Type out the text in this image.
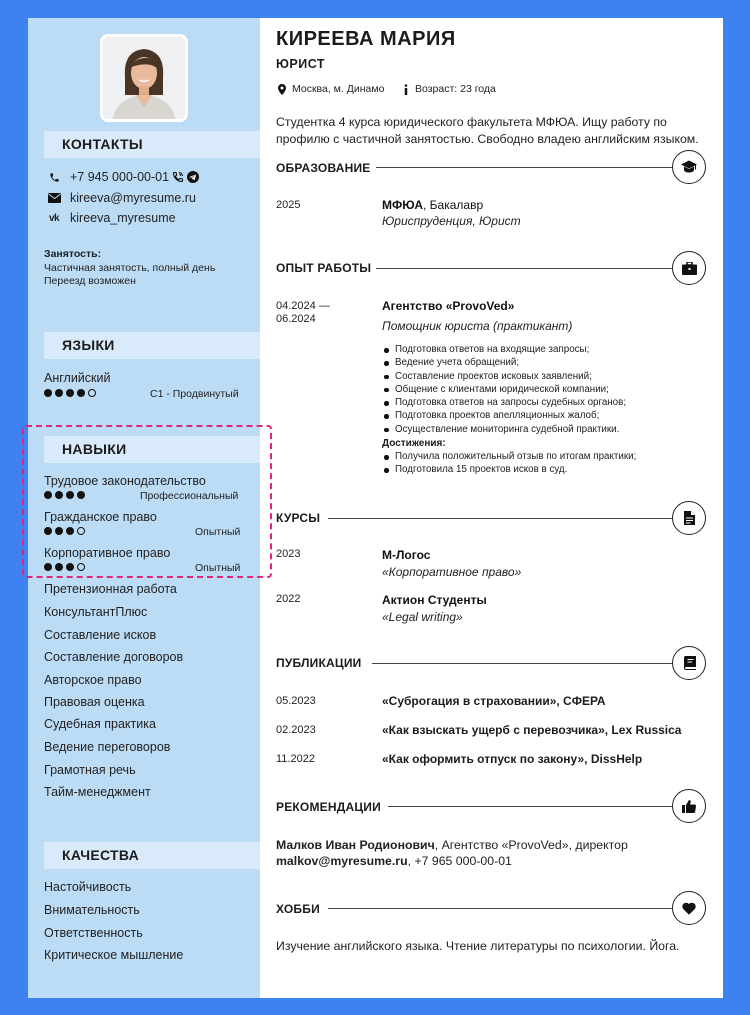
КОНТАКТЫ
+7 945 000-00-01
kireeva@myresume.ru
vk kireeva_myresume
Занятость:
Частичная занятость, полный день
Переезд возможен
ЯЗЫКИ
Английский
C1 - Продвинутый
НАВЫКИ
Трудовое законодательство
Профессиональный
Гражданское право
Опытный
Корпоративное право
Опытный
Претензионная работа
КонсультантПлюс
Составление исков
Составление договоров
Авторское право
Правовая оценка
Судебная практика
Ведение переговоров
Грамотная речь
Тайм-менеджмент
КАЧЕСТВА
Настойчивость
Внимательность
Ответственность
Критическое мышление
КИРЕЕВА МАРИЯ
ЮРИСТ
Москва, м. Динамо	Возраст: 23 года
Студентка 4 курса юридического факультета МФЮА. Ищу работу по профилю с частичной занятостью. Свободно владею английским языком.
ОБРАЗОВАНИЕ
2025	МФЮА, Бакалавр
Юриспруденция, Юрист
ОПЫТ РАБОТЫ
04.2024 —
06.2024
Агентство «ProvoVed»
Помощник юриста (практикант)
Подготовка ответов на входящие запросы;
Ведение учета обращений;
Составление проектов исковых заявлений;
Общение с клиентами юридической компании;
Подготовка ответов на запросы судебных органов;
Подготовка проектов апелляционных жалоб;
Осуществление мониторинга судебной практики.
Достижения:
Получила положительный отзыв по итогам практики;
Подготовила 15 проектов исков в суд.
КУРСЫ
2023	М-Логос
«Корпоративное право»
2022	Актион Студенты
«Legal writing»
ПУБЛИКАЦИИ
05.2023	«Суброгация в страховании», СФЕРА
02.2023	«Как взыскать ущерб с перевозчика», Lex Russica
11.2022	«Как оформить отпуск по закону», DissHelp
РЕКОМЕНДАЦИИ
Малков Иван Родионович, Агентство «ProvoVed», директор
malkov@myresume.ru, +7 965 000-00-01
ХОББИ
Изучение английского языка. Чтение литературы по психологии. Йога.
